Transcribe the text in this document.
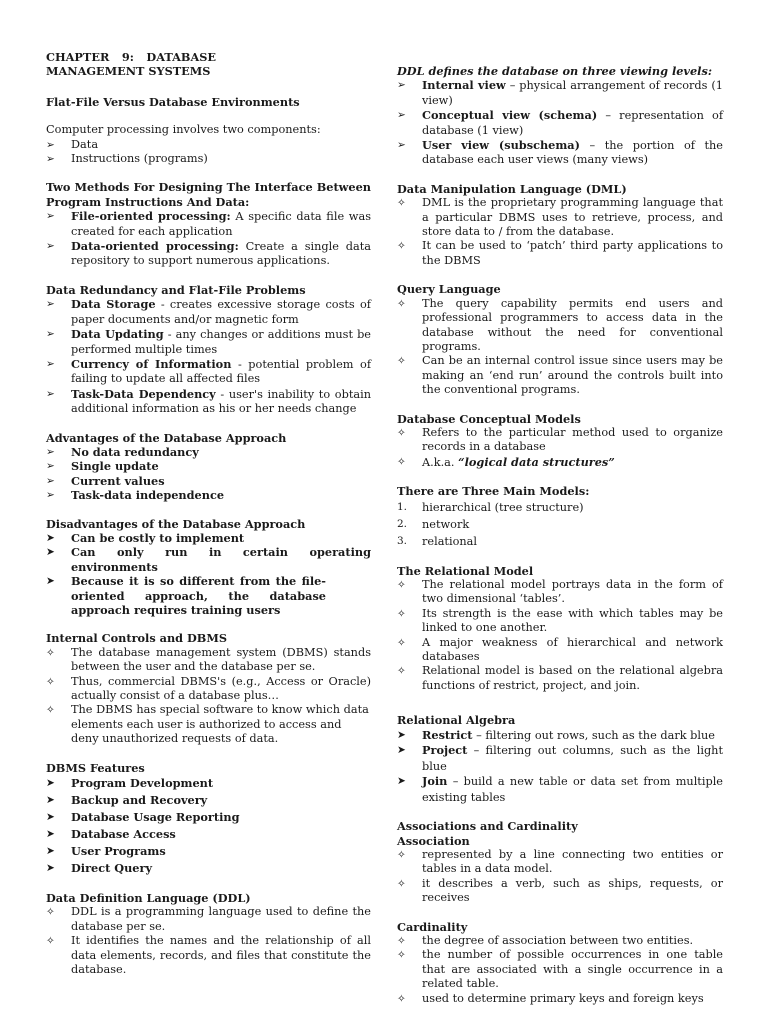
CHAPTER 9: DATABASE MANAGEMENT SYSTEMS
Flat-File Versus Database Environments
Computer processing involves two components:
➢ Data
➢ Instructions (programs)
Two Methods For Designing The Interface Between Program Instructions And Data:
➢ File-oriented processing: A specific data file was created for each application
➢ Data-oriented processing: Create a single data repository to support numerous applications.
Data Redundancy and Flat-File Problems
➢ Data Storage - creates excessive storage costs of paper documents and/or magnetic form
➢ Data Updating - any changes or additions must be performed multiple times
➢ Currency of Information - potential problem of failing to update all affected files
➢ Task-Data Dependency - user's inability to obtain additional information as his or her needs change
Advantages of the Database Approach
➢ No data redundancy
➢ Single update
➢ Current values
➢ Task-data independence
Disadvantages of the Database Approach
➤ Can be costly to implement
➤ Can only run in certain operating environments
➤ Because it is so different from the file-oriented approach, the database approach requires training users
Internal Controls and DBMS
✧ The database management system (DBMS) stands between the user and the database per se.
✧ Thus, commercial DBMS's (e.g., Access or Oracle) actually consist of a database plus…
✧ The DBMS has special software to know which data elements each user is authorized to access and deny unauthorized requests of data.
DBMS Features
➤ Program Development
➤ Backup and Recovery
➤ Database Usage Reporting
➤ Database Access
➤ User Programs
➤ Direct Query
Data Definition Language (DDL)
✧ DDL is a programming language used to define the database per se.
✧ It identifies the names and the relationship of all data elements, records, and files that constitute the database.
DDL defines the database on three viewing levels:
➢ Internal view – physical arrangement of records (1 view)
➢ Conceptual view (schema) – representation of database (1 view)
➢ User view (subschema) – the portion of the database each user views (many views)
Data Manipulation Language (DML)
✧ DML is the proprietary programming language that a particular DBMS uses to retrieve, process, and store data to / from the database.
✧ It can be used to ‘patch’ third party applications to the DBMS
Query Language
✧ The query capability permits end users and professional programmers to access data in the database without the need for conventional programs.
✧ Can be an internal control issue since users may be making an ‘end run’ around the controls built into the conventional programs.
Database Conceptual Models
✧ Refers to the particular method used to organize records in a database
✧ A.k.a. “logical data structures”
There are Three Main Models:
1. hierarchical (tree structure)
2. network
3. relational
The Relational Model
✧ The relational model portrays data in the form of two dimensional ‘tables’.
✧ Its strength is the ease with which tables may be linked to one another.
✧ A major weakness of hierarchical and network databases
✧ Relational model is based on the relational algebra functions of restrict, project, and join.
Relational Algebra
➤ Restrict – filtering out rows, such as the dark blue
➤ Project – filtering out columns, such as the light blue
➤ Join – build a new table or data set from multiple existing tables
Associations and Cardinality
Association
✧ represented by a line connecting two entities or tables in a data model.
✧ it describes a verb, such as ships, requests, or receives
Cardinality
✧ the degree of association between two entities.
✧ the number of possible occurrences in one table that are associated with a single occurrence in a related table.
✧ used to determine primary keys and foreign keys
